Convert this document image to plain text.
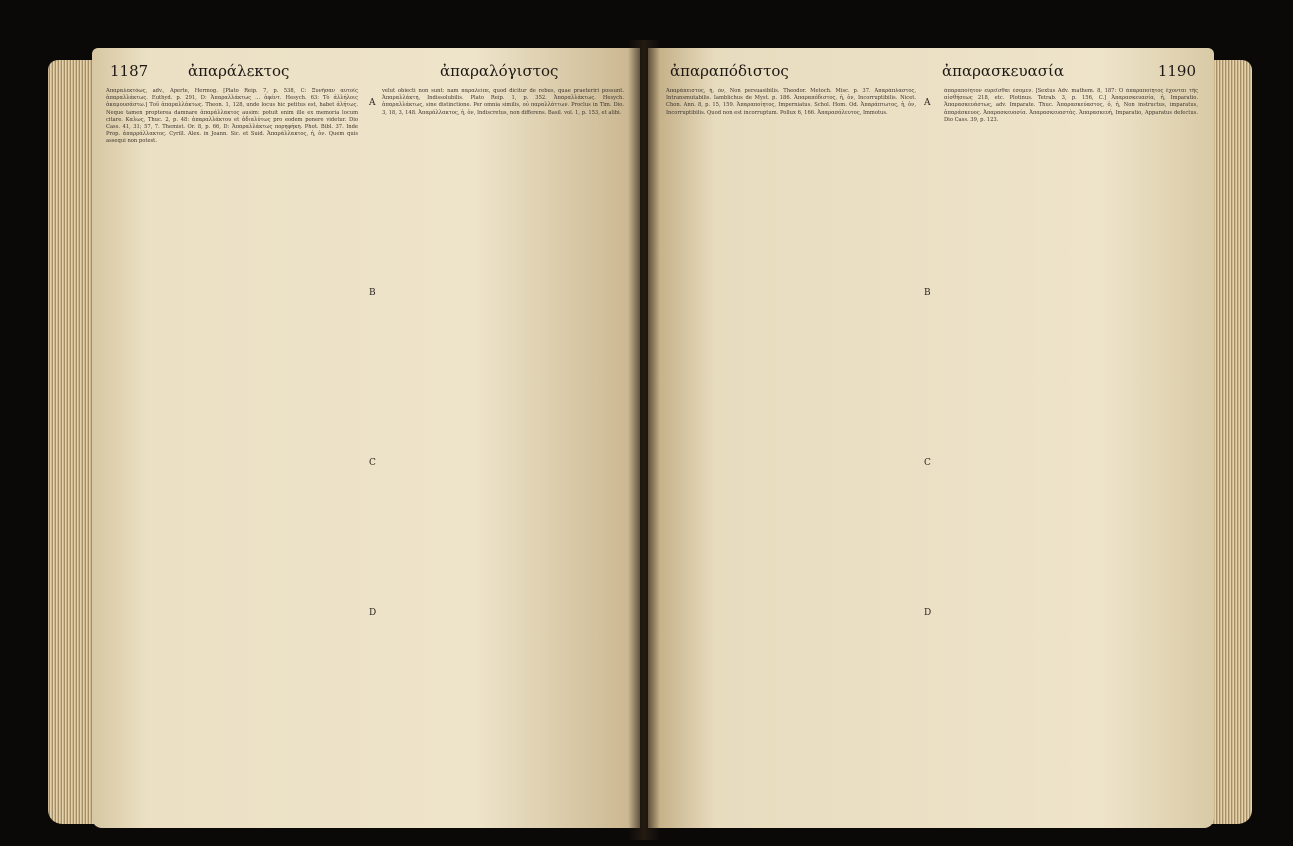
1187	ἀπαράλεκτος	ἀπαραλόγιστος

Ἀπαραλεκτόως, adv., Aperte, Hermog. [Plato Reip. 7, p. 538, C: Ξυνῆσαν αὐτοῖς ἀπαραλλάκτως. Euthyd. p. 291, D: Ἀπαραλλάκτως ... ἀφέντ. Hesych. 63: Τὸ ἀλλήλοις ἀκαμουσάστω.] Τοῦ ἀπαραλλάκτως. Theon. 1, 128, unde locus hic petitus est, habet ἀλήτως. Neque tamen propterea damnare ἀπαράλλακτος ausim: potuit enim ille ex memoria locum citare. Καλως, Thuc. 2, p. 48: ἀπαραλλάκτου et ἀδιαλύτως pro eodem ponere videtur. Dio Cass. 41, 31; 57, 7. Themist. Or. 8, p. 66, D: Ἀπαραλλάκτως πορηφήκη. Phot. Bibl. 37. Inde Prop. ἀπαρράλλακτος. Cyrill. Alex. in Joann. Sic. et Suid. Ἀπαράλλακτος, ἡ, ὁν. Quem quis assequi non potest.

velut obiecti non sunt: nam παραλείπε, quod dicitur de rebus, quae praeteriri possunt. Ἀπαραλλάκτη, Indissolubilis. Plato Reip. 1, p. 352. Ἀπαραλλάκτως. Hesych. ἀπαραλλάκτως, sine distinctione. Per omnia similis, οὐ παραλλάττων. Proclus in Tim. Dio. 3, 18, 3, 148. Ἀπαράλλακτος, ἡ, ὁν, Indiscretus, non differens. Basil. vol. 1, p. 153, et alibi.

A
B
C
D
ἀπαραπόδιστος	ἀπαρασκευασία	1190

Ἀπαράπειστος, ἡ, ὁν, Non persuasibilis. Theodor. Metoch. Misc. p. 37. Ἀπαράπλαστος, Intransmutabilis. Iamblichus de Myst. p. 186. Ἀπαραπόδιστος, ἡ, ὁν, Incorruptibilis. Nicet. Chon. Ann. 8, p. 15, 159. Ἀπαραποίητος, Imperniatus. Schol. Hom. Od. Ἀπαράπτωτος, ἡ, ὁν, Incorruptibilis. Quod non est incorruptum. Pollux 6, 166. Ἀπαρασάλευτος, Immotus.

ἀπαραποίητον εὑρεῖσθαι ἐσομεν. [Sextus Adv. mathem. 8, 187: Ὁ ἀπαραποίητος ἔχονται τῆς αἰσθήσεως 218, etc. Plotinus. Tetrab. 3, p. 156, C.] Ἀπαρασκευασία, ἡ, Imparatio. Ἀπαρασκευάστως, adv. Imparate. Thuc. Ἀπαρασκεύαστος, ὁ, ἡ, Non instructus, imparatus, ἀπαράσκευος. Ἀπαρασκευασία. Ἀπαρασκευαστὰς. Ἀπαρασκευή, Imparatio, Apparatus defectus. Dio Cass. 39, p. 123.

A
B
C
D
